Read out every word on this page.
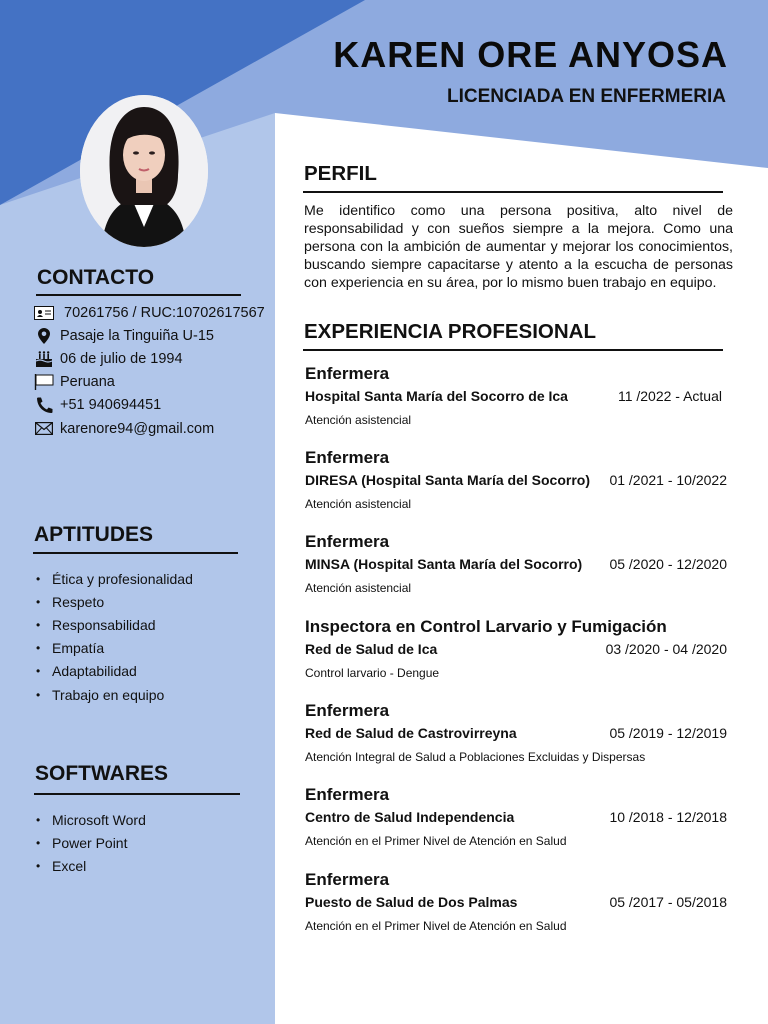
KAREN ORE ANYOSA
LICENCIADA EN ENFERMERIA
CONTACTO
70261756 / RUC:10702617567
Pasaje la Tinguiña U-15
06 de julio de 1994
Peruana
+51 940694451
karenore94@gmail.com
APTITUDES
• Ética y profesionalidad
• Respeto
• Responsabilidad
• Empatía
• Adaptabilidad
• Trabajo en equipo
SOFTWARES
• Microsoft Word
• Power Point
• Excel
PERFIL

Me identifico como una persona positiva, alto nivel de responsabilidad y con sueños siempre a la mejora. Como una persona con la ambición de aumentar y mejorar los conocimientos, buscando siempre capacitarse y atento a la escucha de personas con experiencia en su área, por lo mismo buen trabajo en equipo.

EXPERIENCIA PROFESIONAL
Enfermera
Hospital Santa María del Socorro de Ica	11 /2022 - Actual
Atención asistencial
Enfermera
DIRESA (Hospital Santa María del Socorro) 01 /2021 - 10/2022
Atención asistencial
Enfermera
MINSA (Hospital Santa María del Socorro) 05 /2020 - 12/2020
Atención asistencial
Inspectora en Control Larvario y Fumigación
Red de Salud de Ica	03 /2020 - 04 /2020
Control larvario - Dengue
Enfermera
Red de Salud de Castrovirreyna	05 /2019 - 12/2019
Atención Integral de Salud a Poblaciones Excluidas y Dispersas
Enfermera
Centro de Salud Independencia	10 /2018 - 12/2018
Atención en el Primer Nivel de Atención en Salud
Enfermera
Puesto de Salud de Dos Palmas	05 /2017 - 05/2018
Atención en el Primer Nivel de Atención en Salud
